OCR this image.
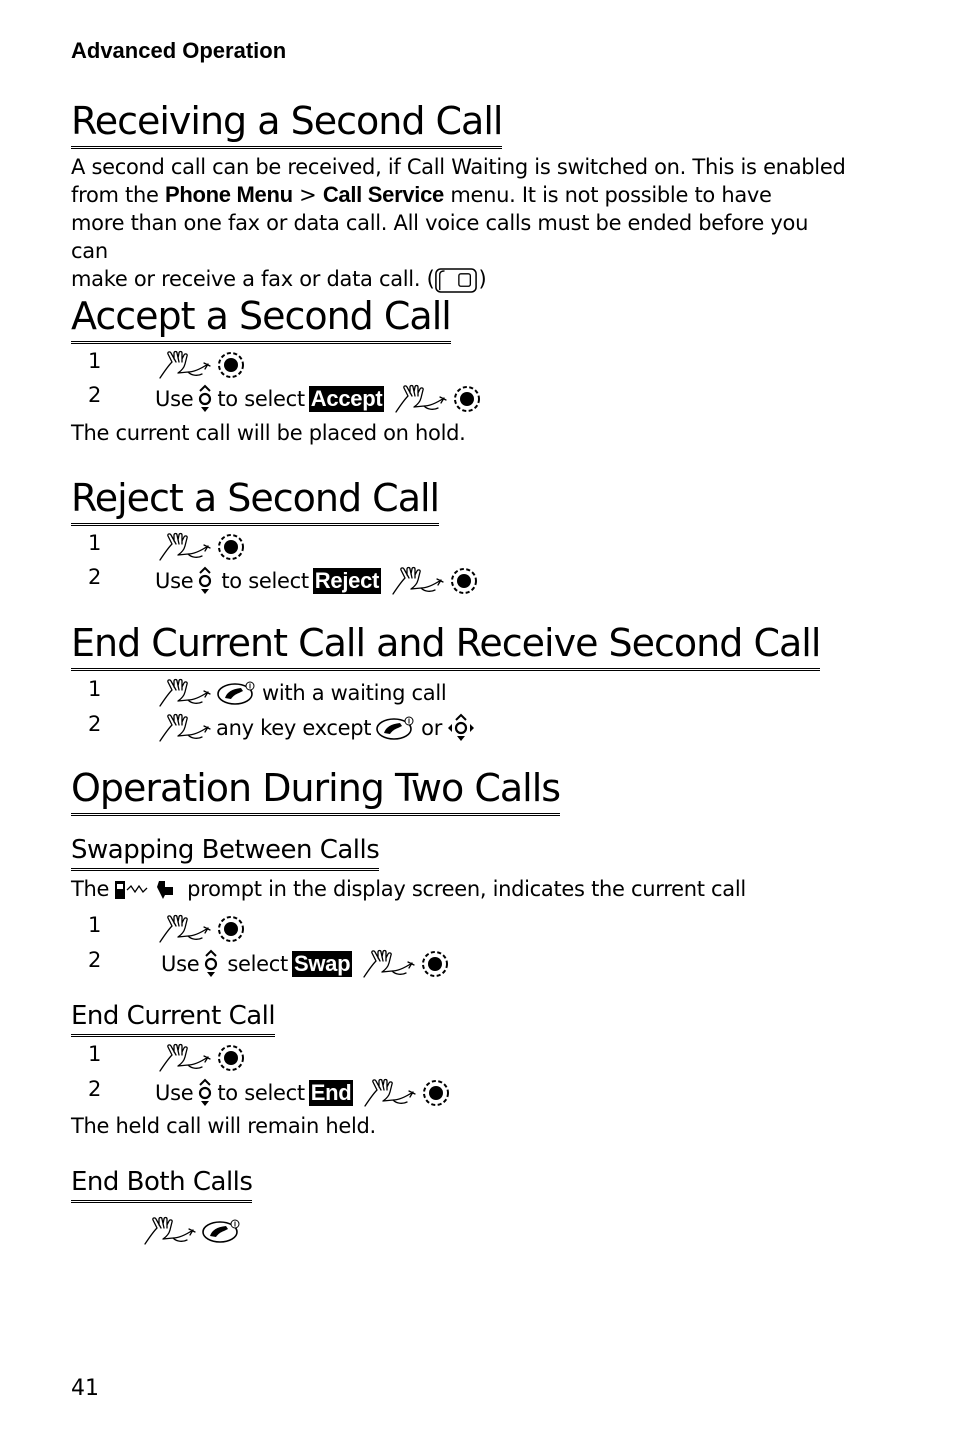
Advanced Operation
Receiving a Second Call
A second call can be received, if Call Waiting is switched on. This is enabled
from the Phone Menu > Call Service menu. It is not possible to have
more than one fax or data call. All voice calls must be ended before you can
make or receive a fax or data call. ( )
Accept a Second Call
1
2	Use to select Accept
The current call will be placed on hold.
Reject a Second Call
1
2	Use to select Reject
End Current Call and Receive Second Call
1	with a waiting call
2	any key except or
Operation During Two Calls
Swapping Between Calls
The	prompt in the display screen, indicates the current call
1
2	Use select Swap
End Current Call
1
2	Use to select End
The held call will remain held.
End Both Calls
41
